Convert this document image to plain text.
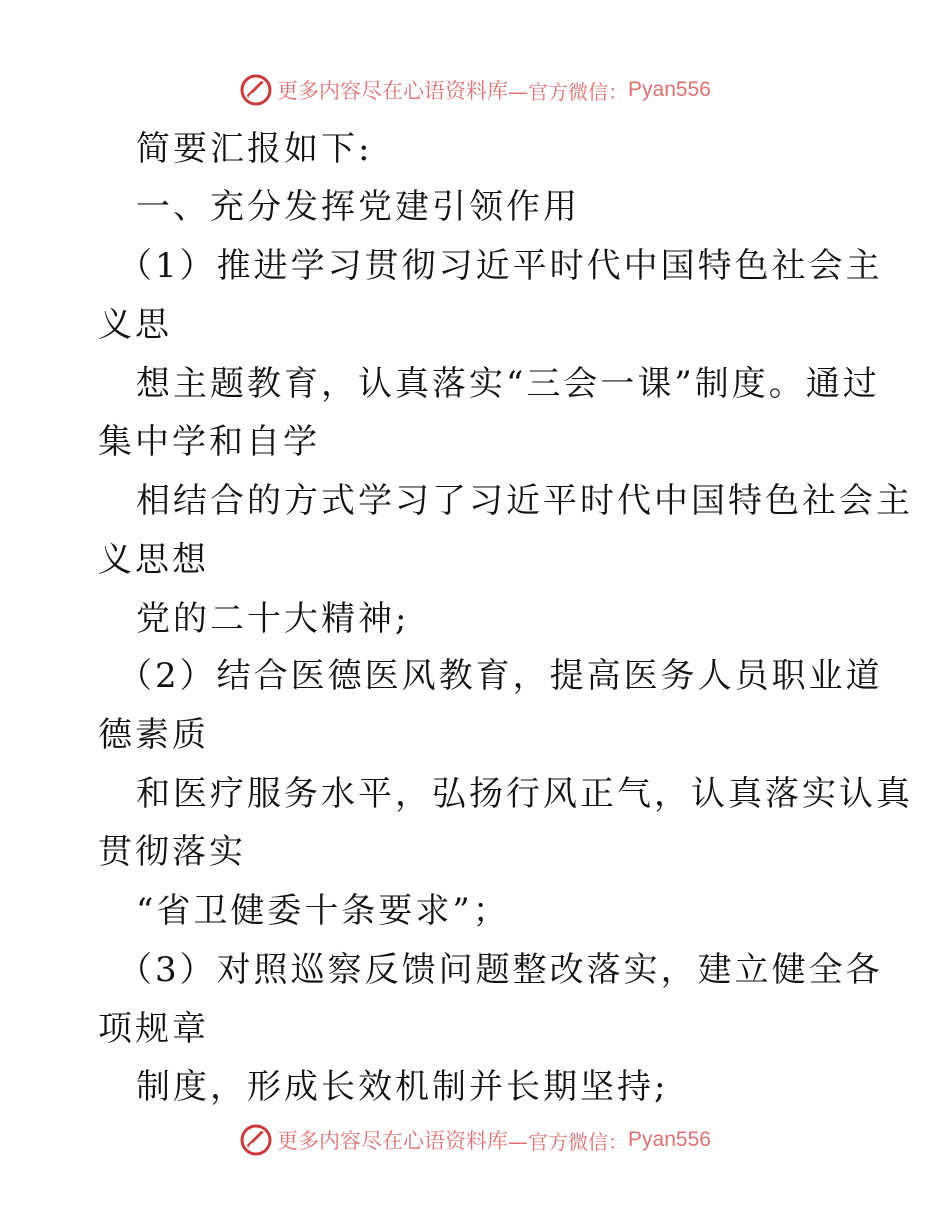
更多内容尽在心语资料库 —官方微信： Pyan556
简要汇报如下:
一、充分发挥党建引领作用
（1）推进学习贯彻习近平时代中国特色社会主
义思
想主题教育，认真落实“三会一课”制度。通过
集中学和自学
相结合的方式学习了习近平时代中国特色社会主
义思想
党的二十大精神;
（2）结合医德医风教育，提高医务人员职业道
德素质
和医疗服务水平，弘扬行风正气，认真落实认真
贯彻落实
“省卫健委十条要求”；
（3）对照巡察反馈问题整改落实，建立健全各
项规章
制度，形成长效机制并长期坚持;
更多内容尽在心语资料库 —官方微信： Pyan556
